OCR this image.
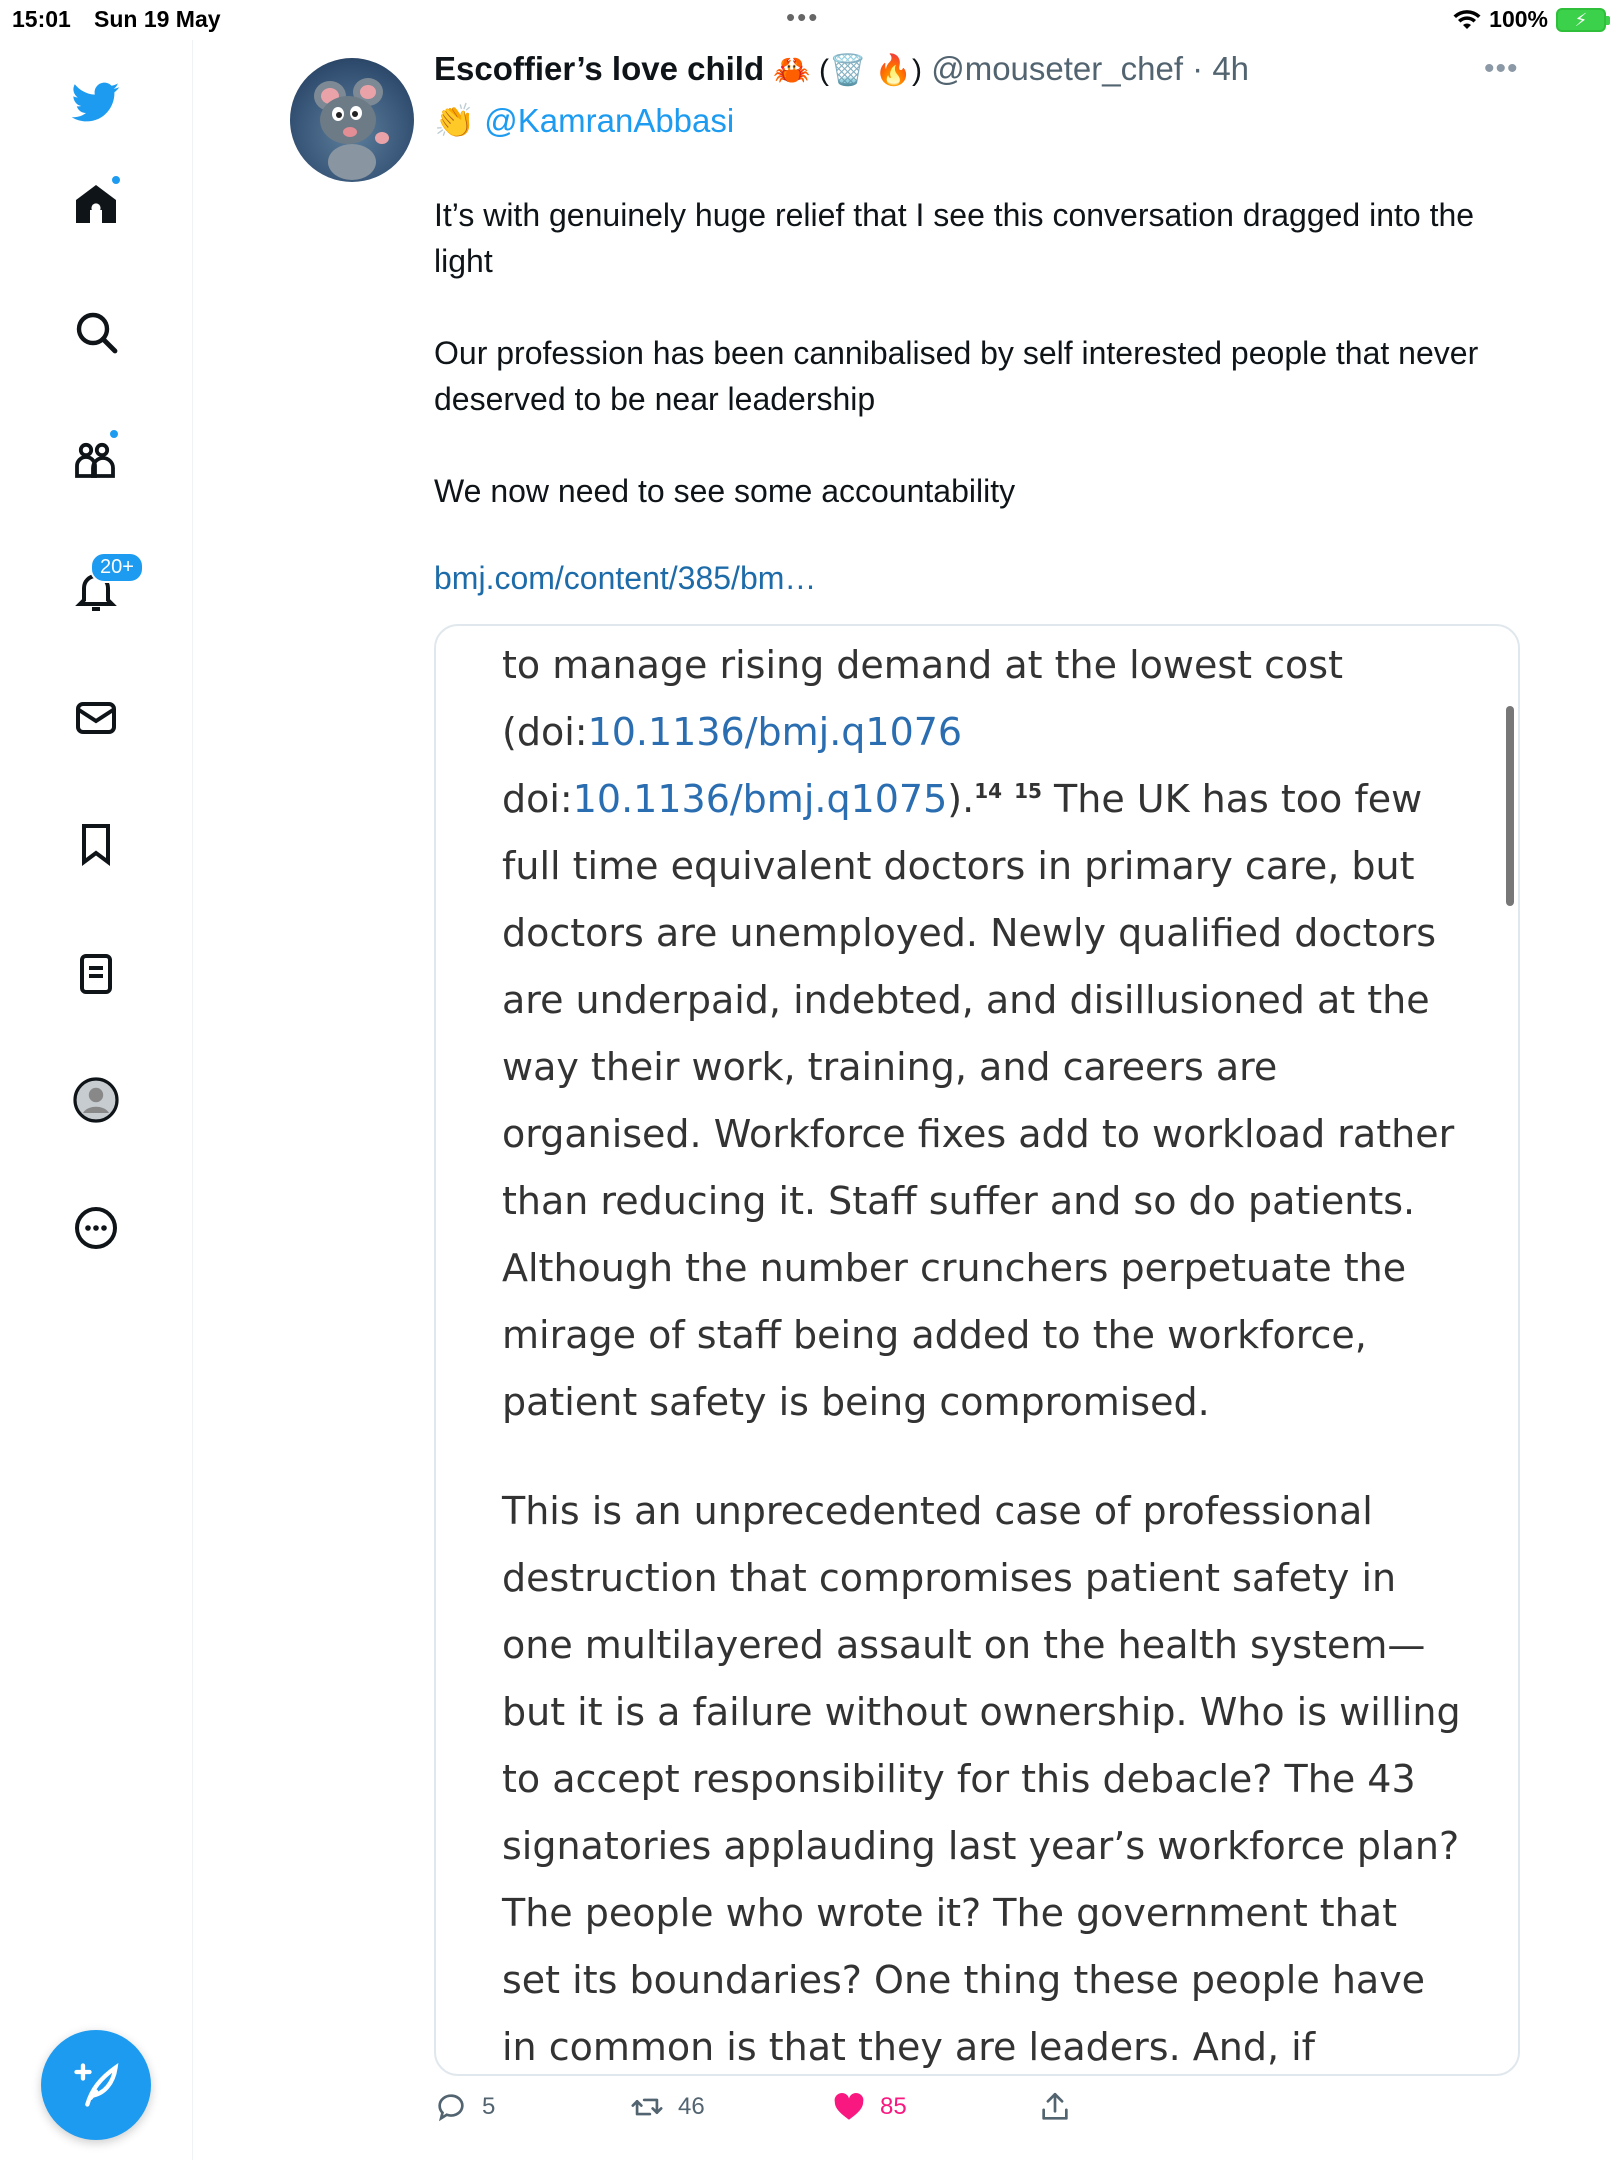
15:01 Sun 19 May	•••	100%	⚡
20+
Escoffier’s love child 🦀 (🗑️ 🔥) @mouseter_chef · 4h	•••
👏 @KamranAbbasi

It’s with genuinely huge relief that I see this conversation dragged into the light

Our profession has been cannibalised by self interested people that never deserved to be near leadership

We now need to see some accountability

bmj.com/content/385/bm…

to manage rising demand at the lowest cost (doi:10.1136/bmj.q1076 doi:10.1136/bmj.q1075).$^{14}$ $^{15}$ The UK has too few full time equivalent doctors in primary care, but doctors are unemployed. Newly qualified doctors are underpaid, indebted, and disillusioned at the way their work, training, and careers are organised. Workforce fixes add to workload rather than reducing it. Staff suffer and so do patients. Although the number crunchers perpetuate the mirage of staff being added to the workforce, patient safety is being compromised.

This is an unprecedented case of professional destruction that compromises patient safety in one multilayered assault on the health system—but it is a failure without ownership. Who is willing to accept responsibility for this debacle? The 43 signatories applauding last year’s workforce plan? The people who wrote it? The government that set its boundaries? One thing these people have in common is that they are leaders. And, if

5	46	85
